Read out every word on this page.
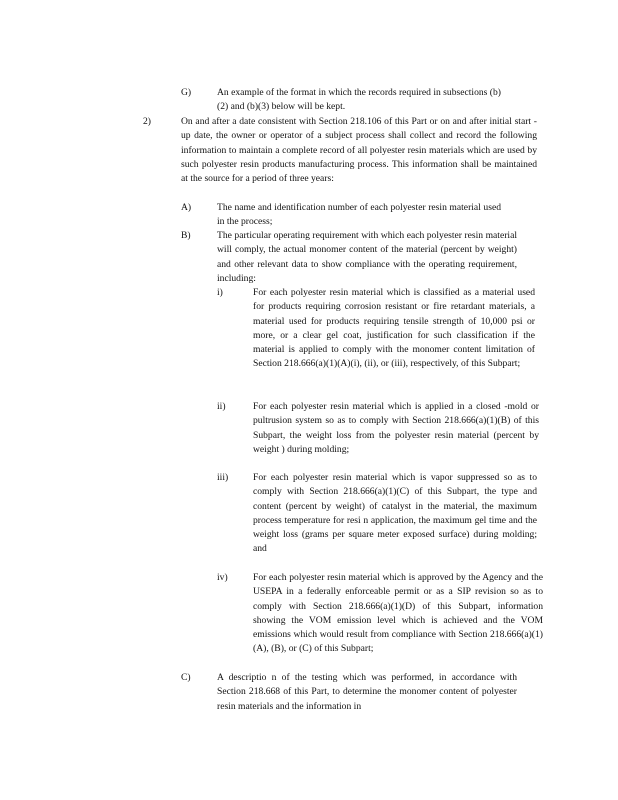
G)	An example of the format in which the records required in subsections (b)(2) and (b)(3) below will be kept.
2)	On and after a date consistent with Section 218.106 of this Part or on and after initial start -up date, the owner or operator of a subject process shall collect and record the following information to maintain a complete record of all polyester resin materials which are used by such polyester resin products manufacturing process. This information shall be maintained at the source for a period of three years:
A)	The name and identification number of each polyester resin material used in the process;
B)	The particular operating requirement with which each polyester resin material will comply, the actual monomer content of the material (percent by weight) and other relevant data to show compliance with the operating requirement, including:
i)	For each polyester resin material which is classified as a material used for products requiring corrosion resistant or fire retardant materials, a material used for products requiring tensile strength of 10,000 psi or more, or a clear gel coat, justification for such classification if the material is applied to comply with the monomer content limitation of Section 218.666(a)(1)(A)(i), (ii), or (iii), respectively, of this Subpart;
ii)	For each polyester resin material which is applied in a closed -mold or pultrusion system so as to comply with Section 218.666(a)(1)(B) of this Subpart, the weight loss from the polyester resin material (percent by weight ) during molding;
iii)	For each polyester resin material which is vapor suppressed so as to comply with Section 218.666(a)(1)(C) of this Subpart, the type and content (percent by weight) of catalyst in the material, the maximum process temperature for resi n application, the maximum gel time and the weight loss (grams per square meter exposed surface) during molding; and
iv)	For each polyester resin material which is approved by the Agency and the USEPA in a federally enforceable permit or as a SIP revision so as to comply with Section 218.666(a)(1)(D) of this Subpart, information showing the VOM emission level which is achieved and the VOM emissions which would result from compliance with Section 218.666(a)(1)(A), (B), or (C) of this Subpart;
C)	A descriptio n of the testing which was performed, in accordance with Section 218.668 of this Part, to determine the monomer content of polyester resin materials and the information in
